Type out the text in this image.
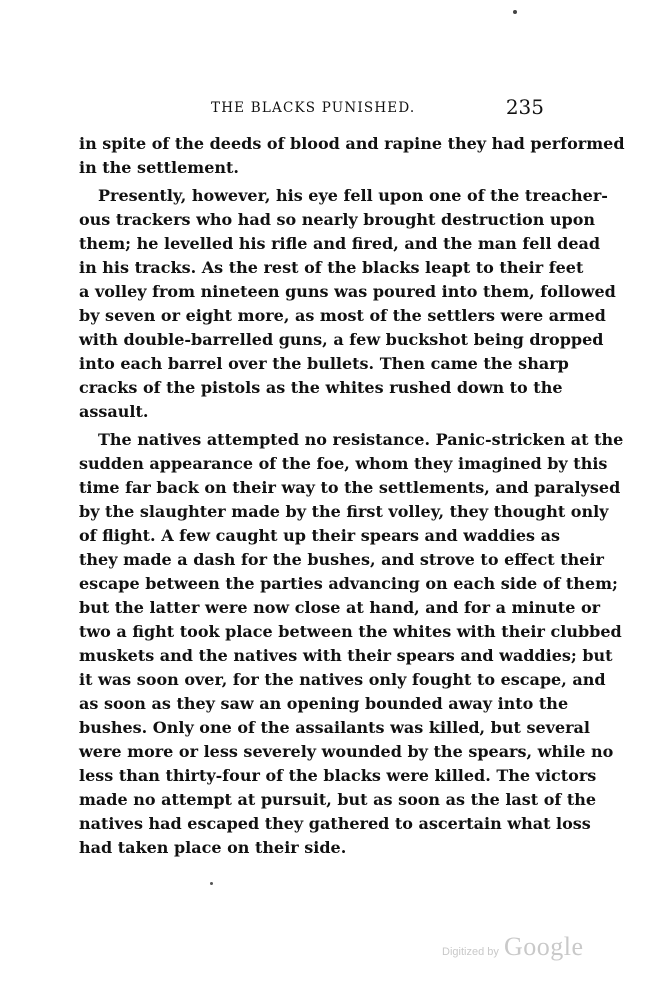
THE BLACKS PUNISHED.	235
in spite of the deeds of blood and rapine they had performed
in the settlement.
Presently, however, his eye fell upon one of the treacher-
ous trackers who had so nearly brought destruction upon
them; he levelled his rifle and fired, and the man fell dead
in his tracks. As the rest of the blacks leapt to their feet
a volley from nineteen guns was poured into them, followed
by seven or eight more, as most of the settlers were armed
with double-barrelled guns, a few buckshot being dropped
into each barrel over the bullets. Then came the sharp
cracks of the pistols as the whites rushed down to the
assault.
The natives attempted no resistance. Panic-stricken at the
sudden appearance of the foe, whom they imagined by this
time far back on their way to the settlements, and paralysed
by the slaughter made by the first volley, they thought only
of flight. A few caught up their spears and waddies as
they made a dash for the bushes, and strove to effect their
escape between the parties advancing on each side of them;
but the latter were now close at hand, and for a minute or
two a fight took place between the whites with their clubbed
muskets and the natives with their spears and waddies; but
it was soon over, for the natives only fought to escape, and
as soon as they saw an opening bounded away into the
bushes. Only one of the assailants was killed, but several
were more or less severely wounded by the spears, while no
less than thirty-four of the blacks were killed. The victors
made no attempt at pursuit, but as soon as the last of the
natives had escaped they gathered to ascertain what loss
had taken place on their side.
Digitized by Google
